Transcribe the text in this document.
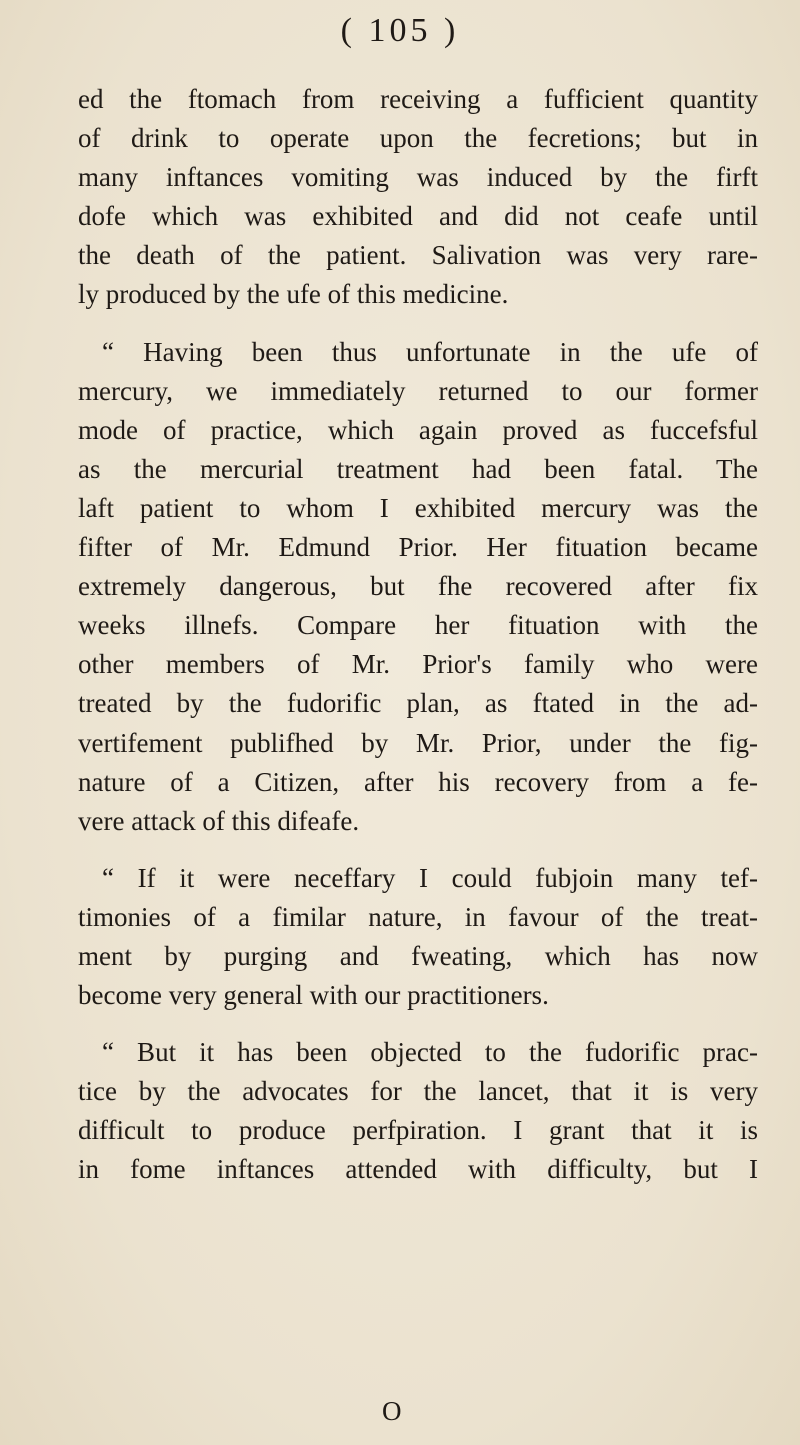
( 105 )
ed the ftomach from receiving a fufficient quantity
of drink to operate upon the fecretions; but in
many inftances vomiting was induced by the firft
dofe which was exhibited and did not ceafe until
the death of the patient. Salivation was very rare-
ly produced by the ufe of this medicine.
“ Having been thus unfortunate in the ufe of
mercury, we immediately returned to our former
mode of practice, which again proved as fuccefsful
as the mercurial treatment had been fatal. The
laft patient to whom I exhibited mercury was the
fifter of Mr. Edmund Prior. Her fituation became
extremely dangerous, but fhe recovered after fix
weeks illnefs. Compare her fituation with the
other members of Mr. Prior's family who were
treated by the fudorific plan, as ftated in the ad-
vertifement publifhed by Mr. Prior, under the fig-
nature of a Citizen, after his recovery from a fe-
vere attack of this difeafe.
“ If it were neceffary I could fubjoin many tef-
timonies of a fimilar nature, in favour of the treat-
ment by purging and fweating, which has now
become very general with our practitioners.
“ But it has been objected to the fudorific prac-
tice by the advocates for the lancet, that it is very
difficult to produce perfpiration. I grant that it is
in fome inftances attended with difficulty, but I
O
